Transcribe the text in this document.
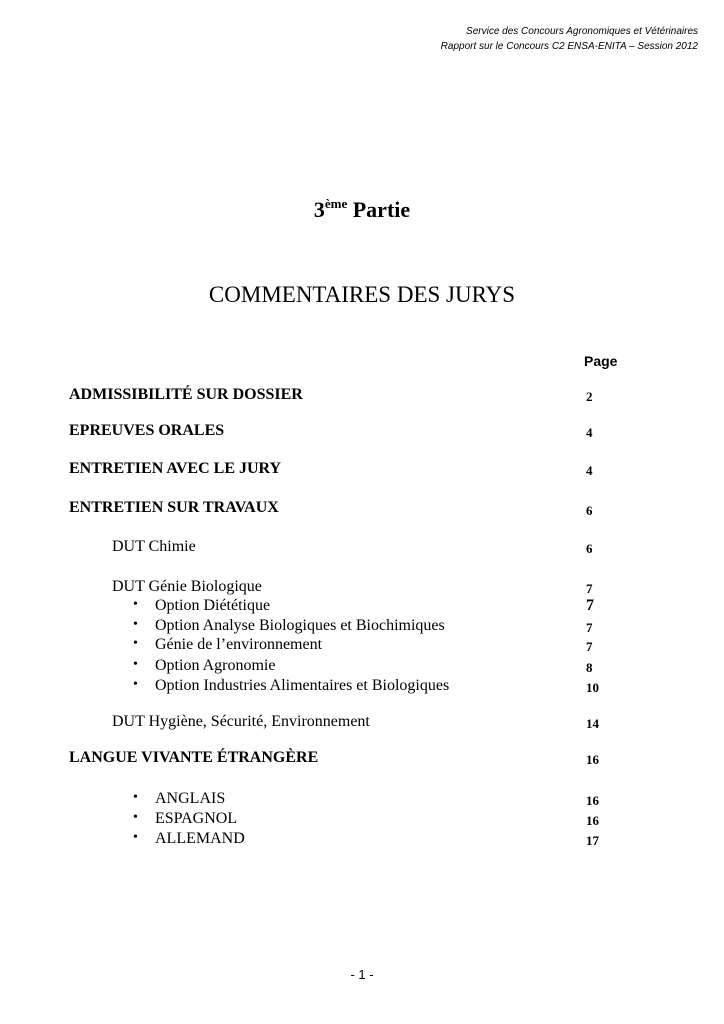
Service des Concours Agronomiques et Vétérinaires
Rapport sur le Concours C2 ENSA-ENITA – Session 2012
3ème Partie
COMMENTAIRES DES JURYS
Page
ADMISSIBILITÉ SUR DOSSIER	2
EPREUVES ORALES	4
ENTRETIEN AVEC LE JURY	4
ENTRETIEN SUR TRAVAUX	6
DUT Chimie	6
DUT Génie Biologique	7
• Option Diététique	7
• Option Analyse Biologiques et Biochimiques	7
• Génie de l’environnement	7
• Option Agronomie	8
• Option Industries Alimentaires et Biologiques	10
DUT Hygiène, Sécurité, Environnement	14
LANGUE VIVANTE ÉTRANGÈRE	16
• ANGLAIS	16
• ESPAGNOL	16
• ALLEMAND	17
- 1 -
